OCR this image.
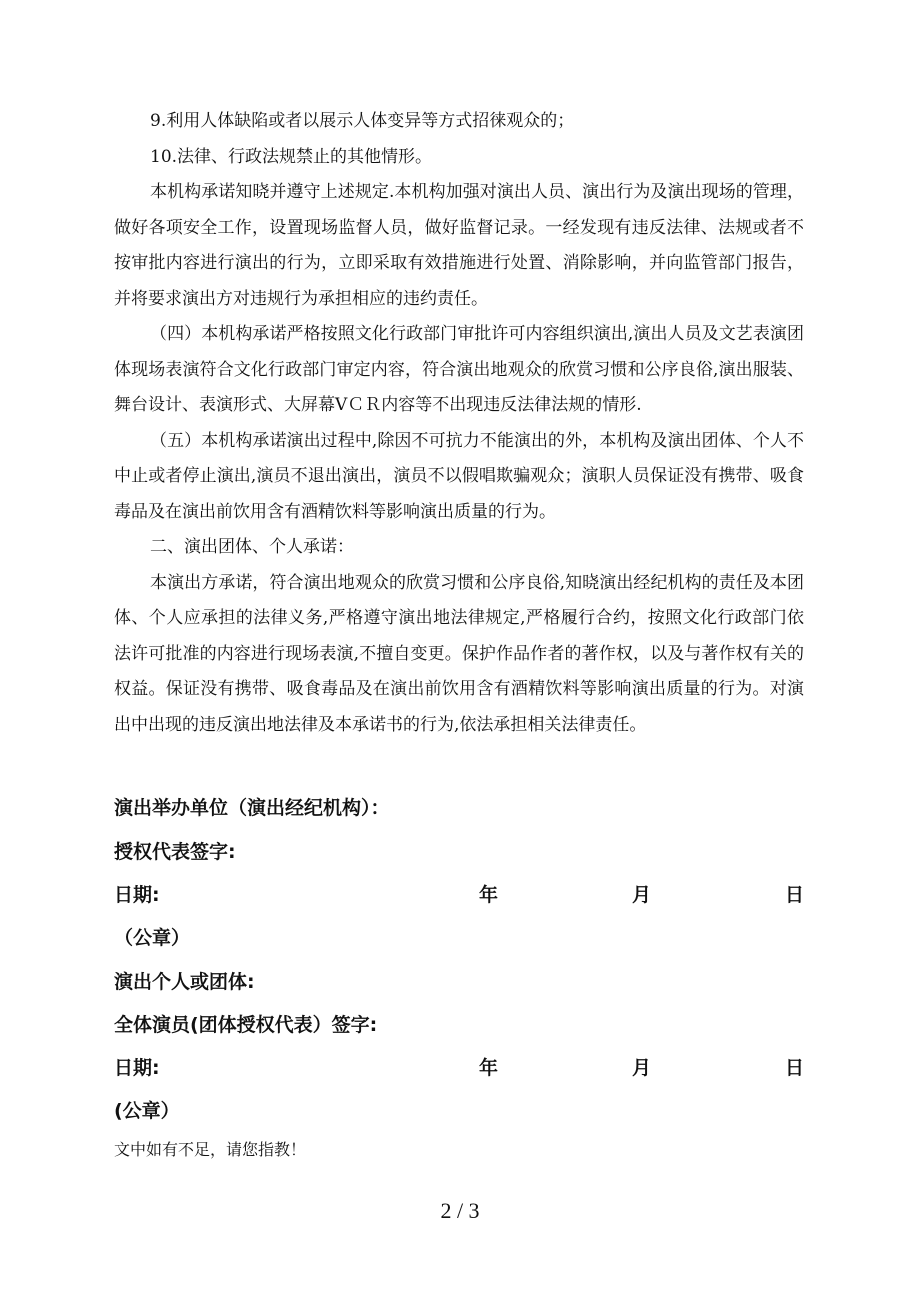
9.利用人体缺陷或者以展示人体变异等方式招徕观众的；

10.法律、行政法规禁止的其他情形。

本机构承诺知晓并遵守上述规定.本机构加强对演出人员、演出行为及演出现场的管理，做好各项安全工作，设置现场监督人员，做好监督记录。一经发现有违反法律、法规或者不按审批内容进行演出的行为，立即采取有效措施进行处置、消除影响，并向监管部门报告，并将要求演出方对违规行为承担相应的违约责任。

（四）本机构承诺严格按照文化行政部门审批许可内容组织演出,演出人员及文艺表演团体现场表演符合文化行政部门审定内容，符合演出地观众的欣赏习惯和公序良俗,演出服装、舞台设计、表演形式、大屏幕VＣＲ内容等不出现违反法律法规的情形.

（五）本机构承诺演出过程中,除因不可抗力不能演出的外，本机构及演出团体、个人不中止或者停止演出,演员不退出演出，演员不以假唱欺骗观众；演职人员保证没有携带、吸食毒品及在演出前饮用含有酒精饮料等影响演出质量的行为。

二、演出团体、个人承诺：

本演出方承诺，符合演出地观众的欣赏习惯和公序良俗,知晓演出经纪机构的责任及本团体、个人应承担的法律义务,严格遵守演出地法律规定,严格履行合约，按照文化行政部门依法许可批准的内容进行现场表演,不擅自变更。保护作品作者的著作权，以及与著作权有关的权益。保证没有携带、吸食毒品及在演出前饮用含有酒精饮料等影响演出质量的行为。对演出中出现的违反演出地法律及本承诺书的行为,依法承担相关法律责任。

演出举办单位（演出经纪机构）：
授权代表签字:
日期:	年	月	日
（公章）
演出个人或团体:
全体演员(团体授权代表）签字:
日期:	年	月	日
(公章）
文中如有不足，请您指教！
2 / 3
